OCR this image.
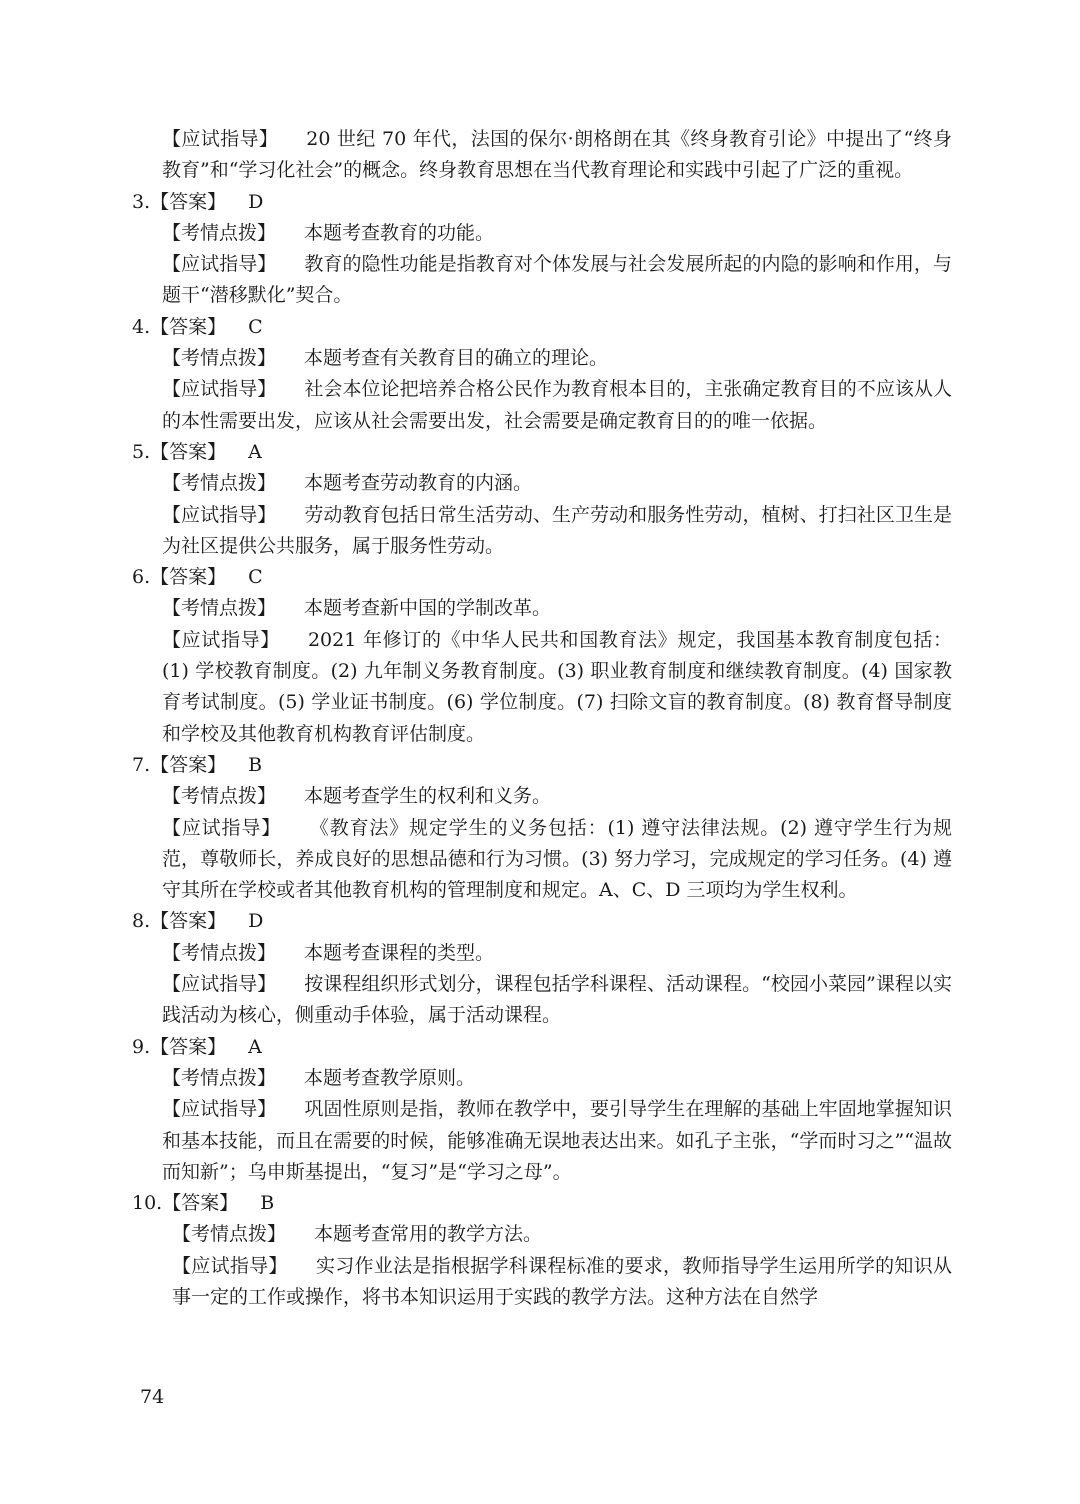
【应试指导】 20 世纪 70 年代，法国的保尔·朗格朗在其《终身教育引论》中提出了“终身教育”和“学习化社会”的概念。终身教育思想在当代教育理论和实践中引起了广泛的重视。
3.【答案】 D
【考情点拨】 本题考查教育的功能。
【应试指导】 教育的隐性功能是指教育对个体发展与社会发展所起的内隐的影响和作用，与题干“潜移默化”契合。
4.【答案】 C
【考情点拨】 本题考查有关教育目的确立的理论。
【应试指导】 社会本位论把培养合格公民作为教育根本目的，主张确定教育目的不应该从人的本性需要出发，应该从社会需要出发，社会需要是确定教育目的的唯一依据。
5.【答案】 A
【考情点拨】 本题考查劳动教育的内涵。
【应试指导】 劳动教育包括日常生活劳动、生产劳动和服务性劳动，植树、打扫社区卫生是为社区提供公共服务，属于服务性劳动。
6.【答案】 C
【考情点拨】 本题考查新中国的学制改革。
【应试指导】 2021 年修订的《中华人民共和国教育法》规定，我国基本教育制度包括：(1) 学校教育制度。(2) 九年制义务教育制度。(3) 职业教育制度和继续教育制度。(4) 国家教育考试制度。(5) 学业证书制度。(6) 学位制度。(7) 扫除文盲的教育制度。(8) 教育督导制度和学校及其他教育机构教育评估制度。
7.【答案】 B
【考情点拨】 本题考查学生的权利和义务。
【应试指导】 《教育法》规定学生的义务包括：(1) 遵守法律法规。(2) 遵守学生行为规范，尊敬师长，养成良好的思想品德和行为习惯。(3) 努力学习，完成规定的学习任务。(4) 遵守其所在学校或者其他教育机构的管理制度和规定。A、C、D 三项均为学生权利。
8.【答案】 D
【考情点拨】 本题考查课程的类型。
【应试指导】 按课程组织形式划分，课程包括学科课程、活动课程。“校园小菜园”课程以实践活动为核心，侧重动手体验，属于活动课程。
9.【答案】 A
【考情点拨】 本题考查教学原则。
【应试指导】 巩固性原则是指，教师在教学中，要引导学生在理解的基础上牢固地掌握知识和基本技能，而且在需要的时候，能够准确无误地表达出来。如孔子主张，“学而时习之”“温故而知新”；乌申斯基提出，“复习”是“学习之母”。
10.【答案】 B
【考情点拨】 本题考查常用的教学方法。
【应试指导】 实习作业法是指根据学科课程标准的要求，教师指导学生运用所学的知识从事一定的工作或操作，将书本知识运用于实践的教学方法。这种方法在自然学
74
